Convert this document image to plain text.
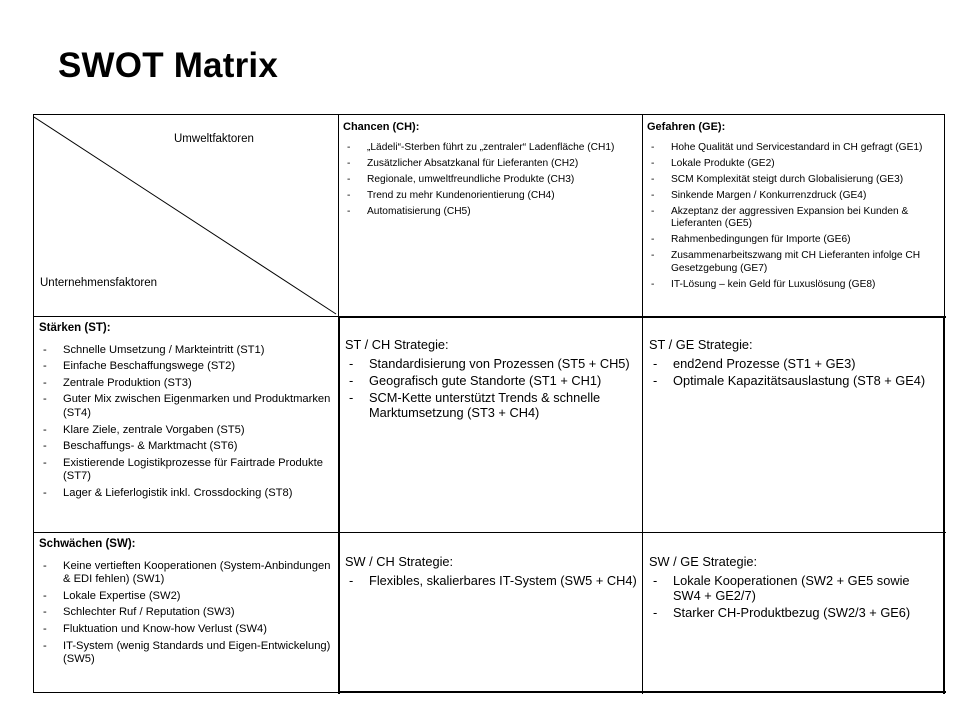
SWOT Matrix
Umweltfaktoren
Unternehmensfaktoren
Chancen (CH):
- „Lädeli“-Sterben führt zu „zentraler“ Ladenfläche (CH1)
- Zusätzlicher Absatzkanal für Lieferanten (CH2)
- Regionale, umweltfreundliche Produkte (CH3)
- Trend zu mehr Kundenorientierung (CH4)
- Automatisierung (CH5)
Gefahren (GE):
- Hohe Qualität und Servicestandard in CH gefragt (GE1)
- Lokale Produkte (GE2)
- SCM Komplexität steigt durch Globalisierung (GE3)
- Sinkende Margen / Konkurrenzdruck (GE4)
- Akzeptanz der aggressiven Expansion bei Kunden & Lieferanten (GE5)
- Rahmenbedingungen für Importe (GE6)
- Zusammenarbeitszwang mit CH Lieferanten infolge CH Gesetzgebung (GE7)
- IT-Lösung – kein Geld für Luxuslösung (GE8)
Stärken (ST):
- Schnelle Umsetzung / Markteintritt (ST1)
- Einfache Beschaffungswege (ST2)
- Zentrale Produktion (ST3)
- Guter Mix zwischen Eigenmarken und Produktmarken (ST4)
- Klare Ziele, zentrale Vorgaben (ST5)
- Beschaffungs- & Marktmacht (ST6)
- Existierende Logistikprozesse für Fairtrade Produkte (ST7)
- Lager & Lieferlogistik inkl. Crossdocking (ST8)
ST / CH Strategie:
- Standardisierung von Prozessen (ST5 + CH5)
- Geografisch gute Standorte (ST1 + CH1)
- SCM-Kette unterstützt Trends & schnelle Marktumsetzung (ST3 + CH4)
ST / GE Strategie:
- end2end Prozesse (ST1 + GE3)
- Optimale Kapazitätsauslastung (ST8 + GE4)
Schwächen (SW):
- Keine vertieften Kooperationen (System-Anbindungen & EDI fehlen) (SW1)
- Lokale Expertise (SW2)
- Schlechter Ruf / Reputation (SW3)
- Fluktuation und Know-how Verlust (SW4)
- IT-System (wenig Standards und Eigen-Entwickelung) (SW5)
SW / CH Strategie:
- Flexibles, skalierbares IT-System (SW5 + CH4)
SW / GE Strategie:
- Lokale Kooperationen (SW2 + GE5 sowie SW4 + GE2/7)
- Starker CH-Produktbezug (SW2/3 + GE6)
